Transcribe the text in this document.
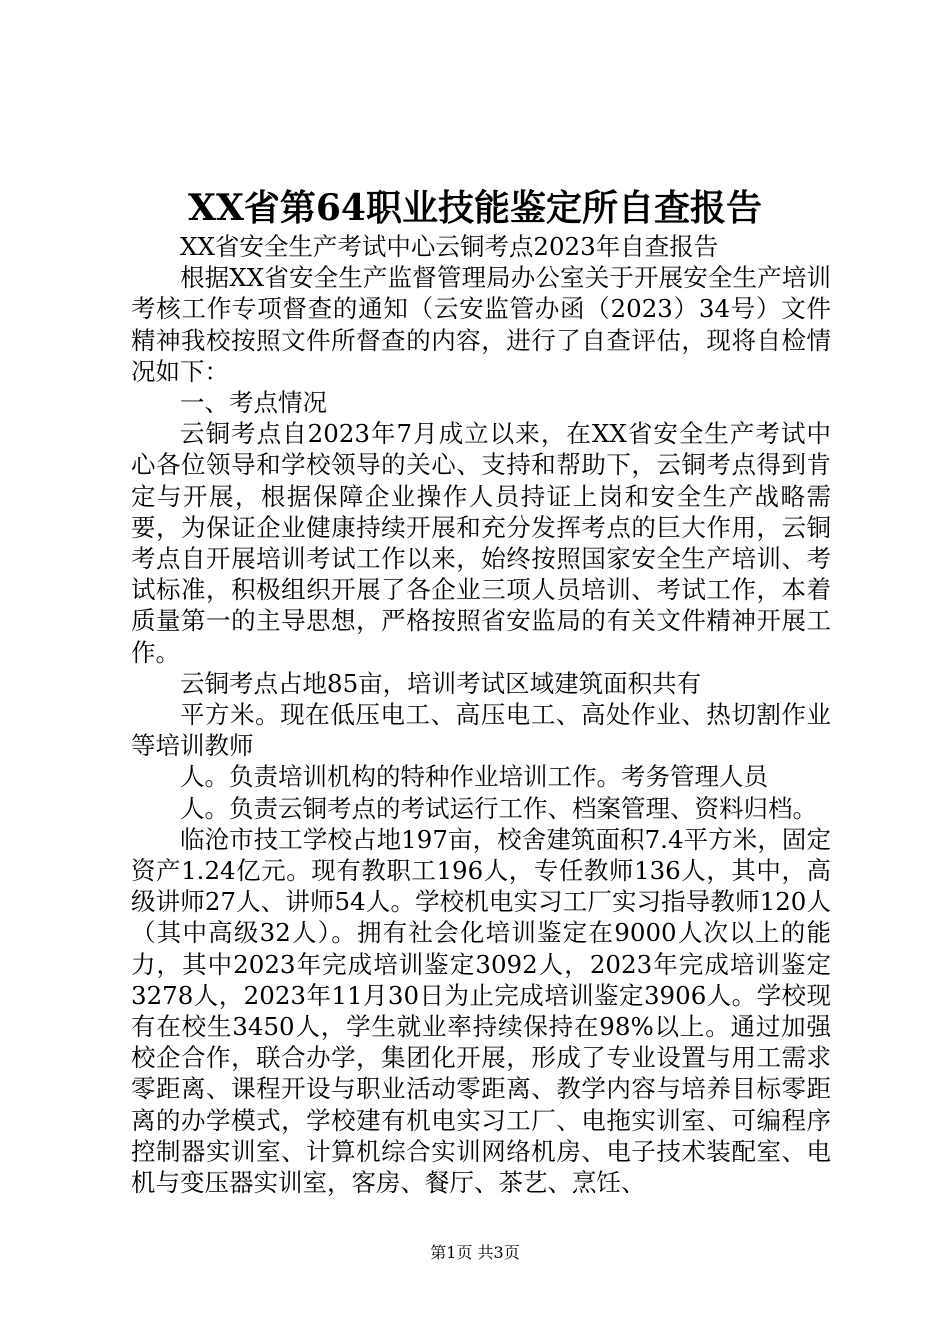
XX省第64职业技能鉴定所自查报告

XX省安全生产考试中心云铜考点2023年自查报告

根据XX省安全生产监督管理局办公室关于开展安全生产培训考核工作专项督查的通知（云安监管办函（2023）34号）文件精神我校按照文件所督查的内容，进行了自查评估，现将自检情况如下：

一、考点情况

云铜考点自2023年7月成立以来，在XX省安全生产考试中心各位领导和学校领导的关心、支持和帮助下，云铜考点得到肯定与开展，根据保障企业操作人员持证上岗和安全生产战略需要，为保证企业健康持续开展和充分发挥考点的巨大作用，云铜考点自开展培训考试工作以来，始终按照国家安全生产培训、考试标准，积极组织开展了各企业三项人员培训、考试工作，本着质量第一的主导思想，严格按照省安监局的有关文件精神开展工作。

云铜考点占地85亩，培训考试区域建筑面积共有

平方米。现在低压电工、高压电工、高处作业、热切割作业等培训教师

人。负责培训机构的特种作业培训工作。考务管理人员

人。负责云铜考点的考试运行工作、档案管理、资料归档。

临沧市技工学校占地197亩，校舍建筑面积7.4平方米，固定资产1.24亿元。现有教职工196人，专任教师136人，其中，高级讲师27人、讲师54人。学校机电实习工厂实习指导教师120人（其中高级32人）。拥有社会化培训鉴定在9000人次以上的能力，其中2023年完成培训鉴定3092人，2023年完成培训鉴定3278人，2023年11月30日为止完成培训鉴定3906人。学校现有在校生3450人，学生就业率持续保持在98%以上。通过加强校企合作，联合办学，集团化开展，形成了专业设置与用工需求零距离、课程开设与职业活动零距离、教学内容与培养目标零距离的办学模式，学校建有机电实习工厂、电拖实训室、可编程序控制器实训室、计算机综合实训网络机房、电子技术装配室、电机与变压器实训室，客房、餐厅、茶艺、烹饪、

第1页 共3页
